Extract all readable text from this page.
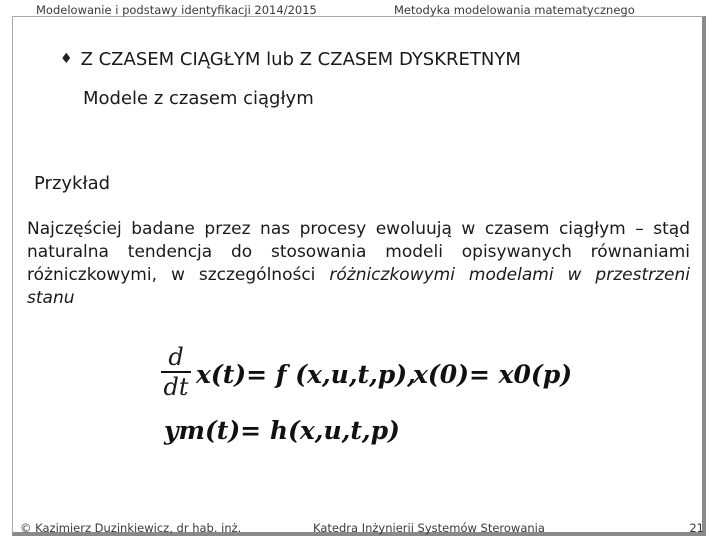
Modelowanie i podstawy identyfikacji 2014/2015	Metodyka modelowania matematycznego
♦ Z CZASEM CIĄGŁYM lub Z CZASEM DYSKRETNYM
Modele z czasem ciągłym
Przykład
Najczęściej badane przez nas procesy ewoluują w czasem ciągłym – stąd naturalna tendencja do stosowania modeli opisywanych równaniami różniczkowymi, w szczególności różniczkowymi modelami w przestrzeni stanu
d
dt x(t)= f (x,u,t,p),
x(0)= x0(p)
ym(t)= h(x,u,t,p)
© Kazimierz Duzinkiewicz, dr hab. inż.	Katedra Inżynierii Systemów Sterowania	21
